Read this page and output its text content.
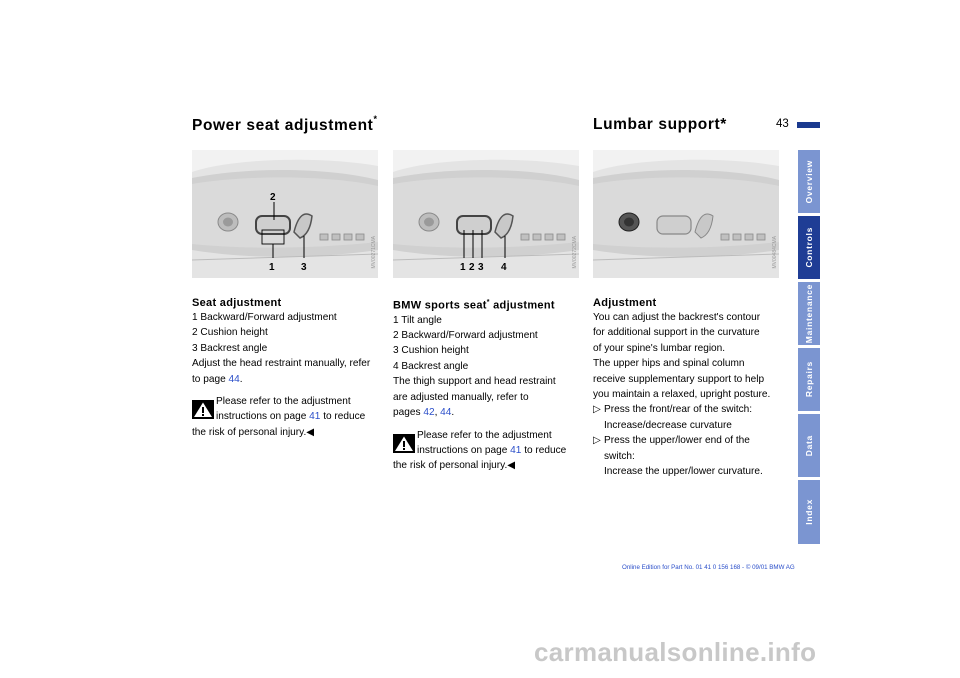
Power seat adjustment*	Lumbar support*	43
2
1	3	MV00271CMA	1 2 3 4	MV00272CMA	MV00484CMA
Seat adjustment

1 Backward/Forward adjustment

2 Cushion height

3 Backrest angle

Adjust the head restraint manually, refer

to page 44.

Please refer to the adjustment

instructions on page 41 to reduce

the risk of personal injury.◀

BMW sports seat* adjustment

1 Tilt angle

2 Backward/Forward adjustment

3 Cushion height

4 Backrest angle

The thigh support and head restraint

are adjusted manually, refer to

pages 42, 44.

Please refer to the adjustment

instructions on page 41 to reduce

the risk of personal injury.◀

Adjustment

You can adjust the backrest's contour

for additional support in the curvature

of your spine's lumbar region.

The upper hips and spinal column

receive supplementary support to help

you maintain a relaxed, upright posture.

▷ Press the front/rear of the switch:

Increase/decrease curvature

▷ Press the upper/lower end of the

switch:

Increase the upper/lower curvature.

Overview
Controls
Maintenance
Repairs
Data
Index
Online Edition for Part No. 01 41 0 156 168 - © 09/01 BMW AG
carmanualsonline.info
